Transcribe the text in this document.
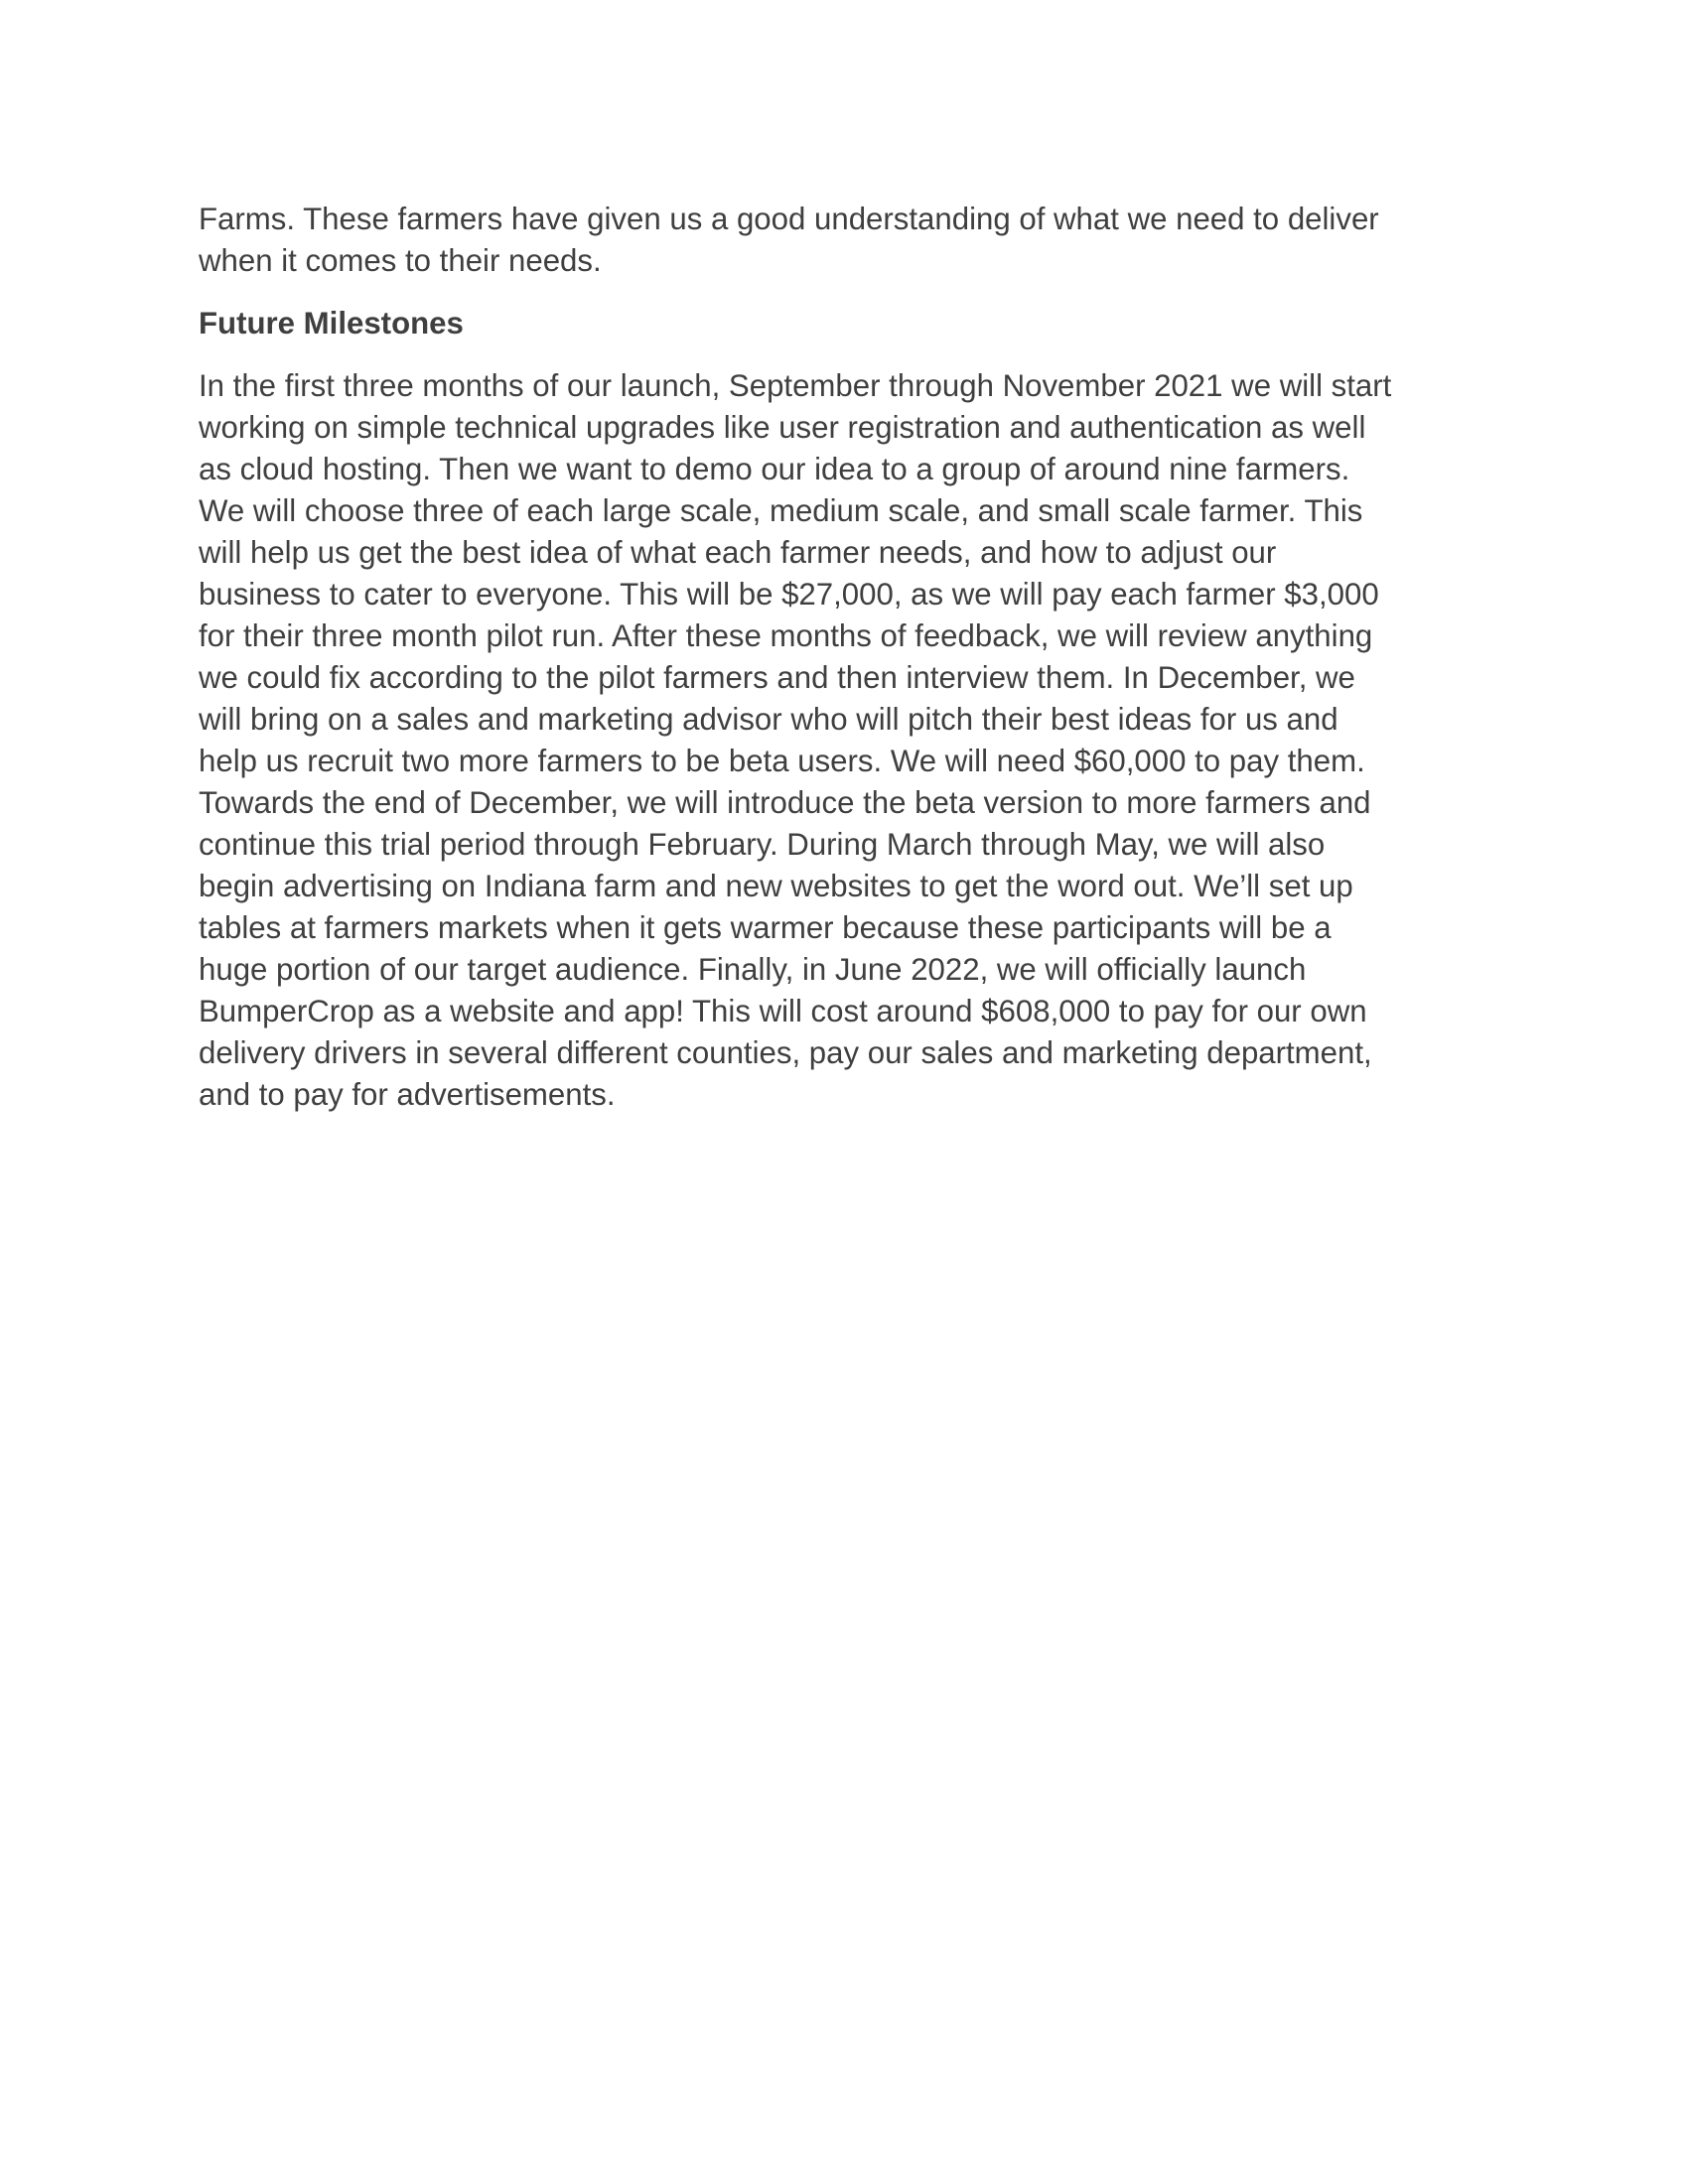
Farms. These farmers have given us a good understanding of what we need to deliver
when it comes to their needs.

Future Milestones

In the first three months of our launch, September through November 2021 we will start
working on simple technical upgrades like user registration and authentication as well
as cloud hosting. Then we want to demo our idea to a group of around nine farmers.
We will choose three of each large scale, medium scale, and small scale farmer. This
will help us get the best idea of what each farmer needs, and how to adjust our
business to cater to everyone. This will be $27,000, as we will pay each farmer $3,000
for their three month pilot run. After these months of feedback, we will review anything
we could fix according to the pilot farmers and then interview them. In December, we
will bring on a sales and marketing advisor who will pitch their best ideas for us and
help us recruit two more farmers to be beta users. We will need $60,000 to pay them.
Towards the end of December, we will introduce the beta version to more farmers and
continue this trial period through February. During March through May, we will also
begin advertising on Indiana farm and new websites to get the word out. We’ll set up
tables at farmers markets when it gets warmer because these participants will be a
huge portion of our target audience. Finally, in June 2022, we will officially launch
BumperCrop as a website and app! This will cost around $608,000 to pay for our own
delivery drivers in several different counties, pay our sales and marketing department,
and to pay for advertisements.
